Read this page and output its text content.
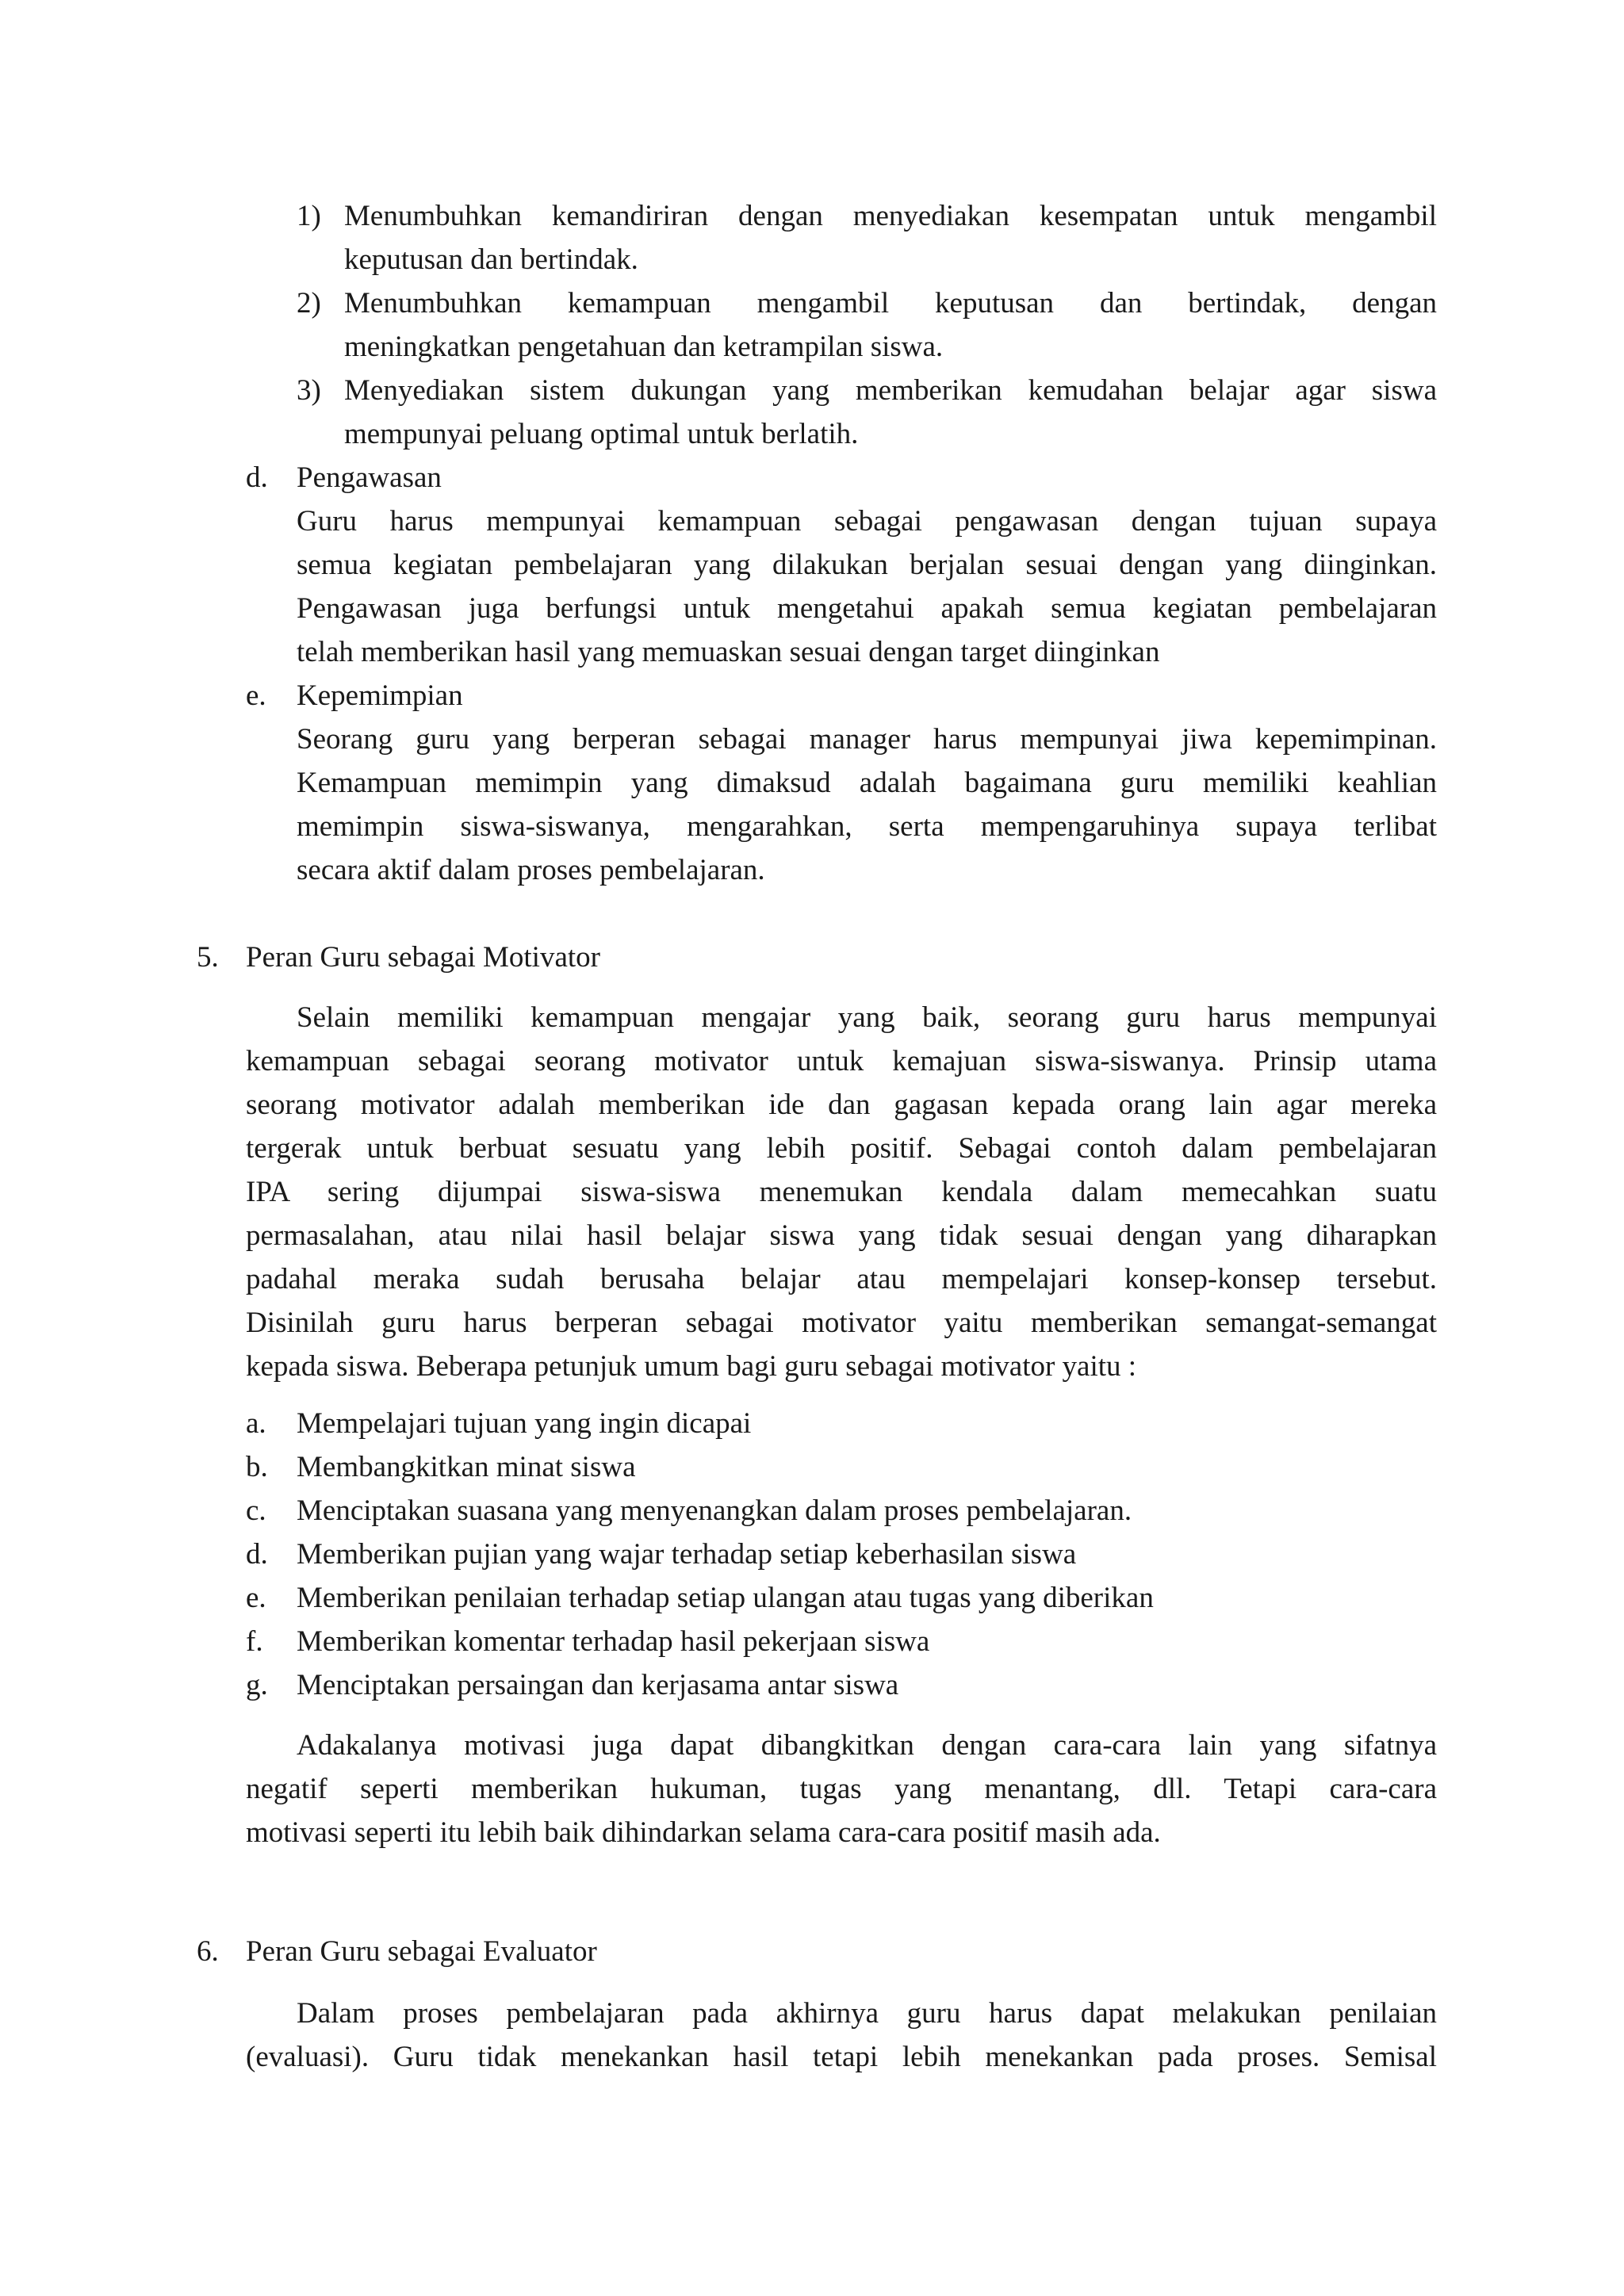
1) Menumbuhkan kemandiriran dengan menyediakan kesempatan untuk mengambil

keputusan dan bertindak.

2) Menumbuhkan kemampuan mengambil keputusan dan bertindak, dengan

meningkatkan pengetahuan dan ketrampilan siswa.

3) Menyediakan sistem dukungan yang memberikan kemudahan belajar agar siswa

mempunyai peluang optimal untuk berlatih.

d. Pengawasan

Guru harus mempunyai kemampuan sebagai pengawasan dengan tujuan supaya

semua kegiatan pembelajaran yang dilakukan berjalan sesuai dengan yang diinginkan.

Pengawasan juga berfungsi untuk mengetahui apakah semua kegiatan pembelajaran

telah memberikan hasil yang memuaskan sesuai dengan target diinginkan

e. Kepemimpian

Seorang guru yang berperan sebagai manager harus mempunyai jiwa kepemimpinan.

Kemampuan memimpin yang dimaksud adalah bagaimana guru memiliki keahlian

memimpin siswa-siswanya, mengarahkan, serta mempengaruhinya supaya terlibat

secara aktif dalam proses pembelajaran.

5. Peran Guru sebagai Motivator

Selain memiliki kemampuan mengajar yang baik, seorang guru harus mempunyai

kemampuan sebagai seorang motivator untuk kemajuan siswa-siswanya. Prinsip utama

seorang motivator adalah memberikan ide dan gagasan kepada orang lain agar mereka

tergerak untuk berbuat sesuatu yang lebih positif. Sebagai contoh dalam pembelajaran

IPA sering dijumpai siswa-siswa menemukan kendala dalam memecahkan suatu

permasalahan, atau nilai hasil belajar siswa yang tidak sesuai dengan yang diharapkan

padahal meraka sudah berusaha belajar atau mempelajari konsep-konsep tersebut.

Disinilah guru harus berperan sebagai motivator yaitu memberikan semangat-semangat

kepada siswa. Beberapa petunjuk umum bagi guru sebagai motivator yaitu :

a. Mempelajari tujuan yang ingin dicapai
b. Membangkitkan minat siswa
c. Menciptakan suasana yang menyenangkan dalam proses pembelajaran.
d. Memberikan pujian yang wajar terhadap setiap keberhasilan siswa
e. Memberikan penilaian terhadap setiap ulangan atau tugas yang diberikan
f. Memberikan komentar terhadap hasil pekerjaan siswa
g. Menciptakan persaingan dan kerjasama antar siswa

Adakalanya motivasi juga dapat dibangkitkan dengan cara-cara lain yang sifatnya

negatif seperti memberikan hukuman, tugas yang menantang, dll. Tetapi cara-cara

motivasi seperti itu lebih baik dihindarkan selama cara-cara positif masih ada.

6. Peran Guru sebagai Evaluator

Dalam proses pembelajaran pada akhirnya guru harus dapat melakukan penilaian

(evaluasi). Guru tidak menekankan hasil tetapi lebih menekankan pada proses. Semisal
